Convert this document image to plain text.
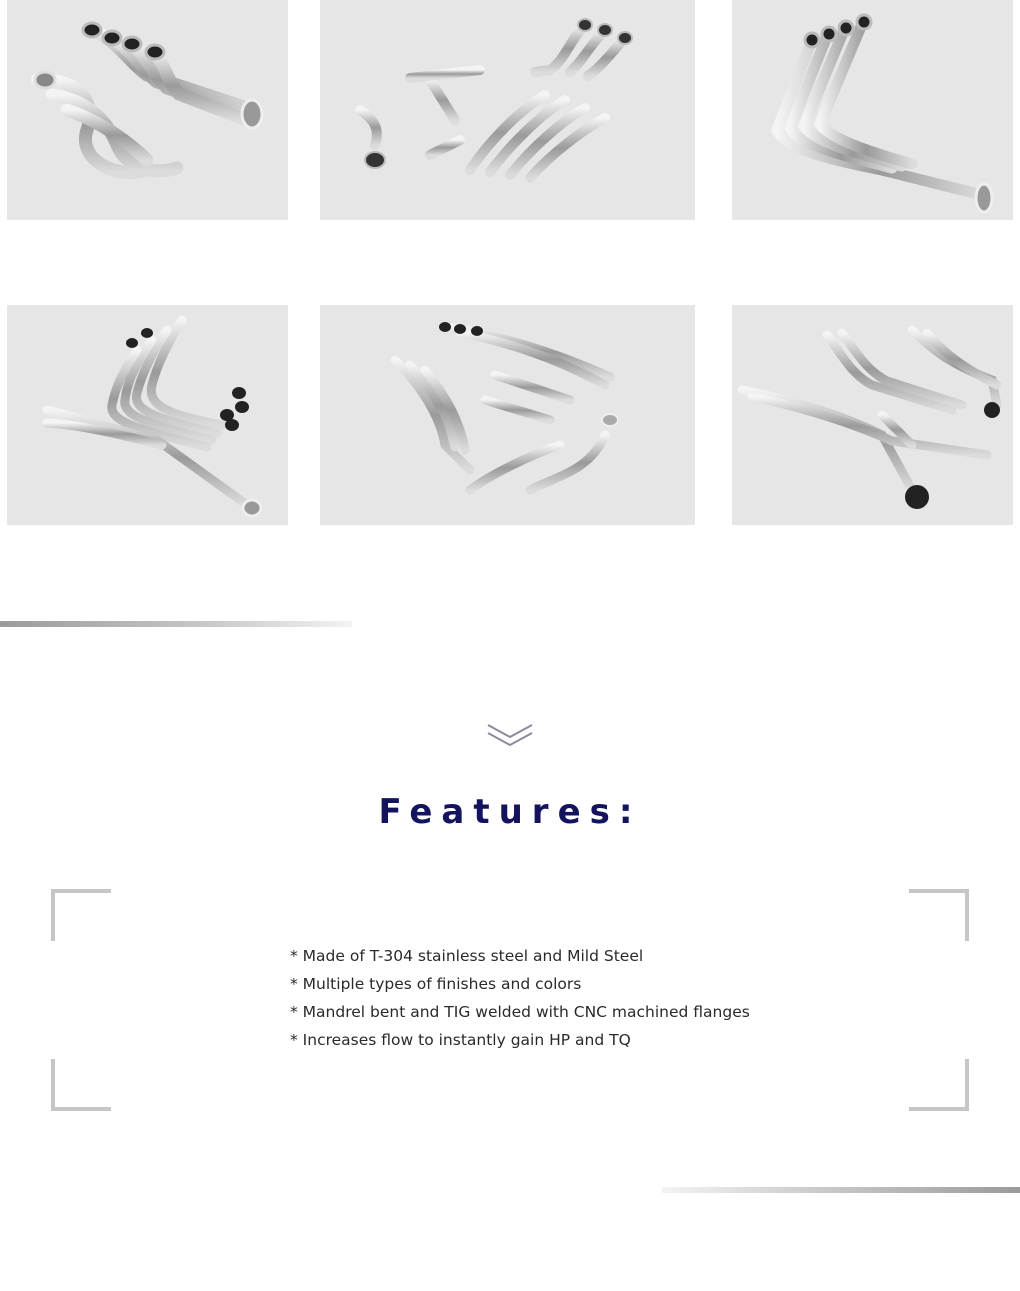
Features:
* Made of T-304 stainless steel and Mild Steel
* Multiple types of finishes and colors
* Mandrel bent and TIG welded with CNC machined flanges
* Increases flow to instantly gain HP and TQ
